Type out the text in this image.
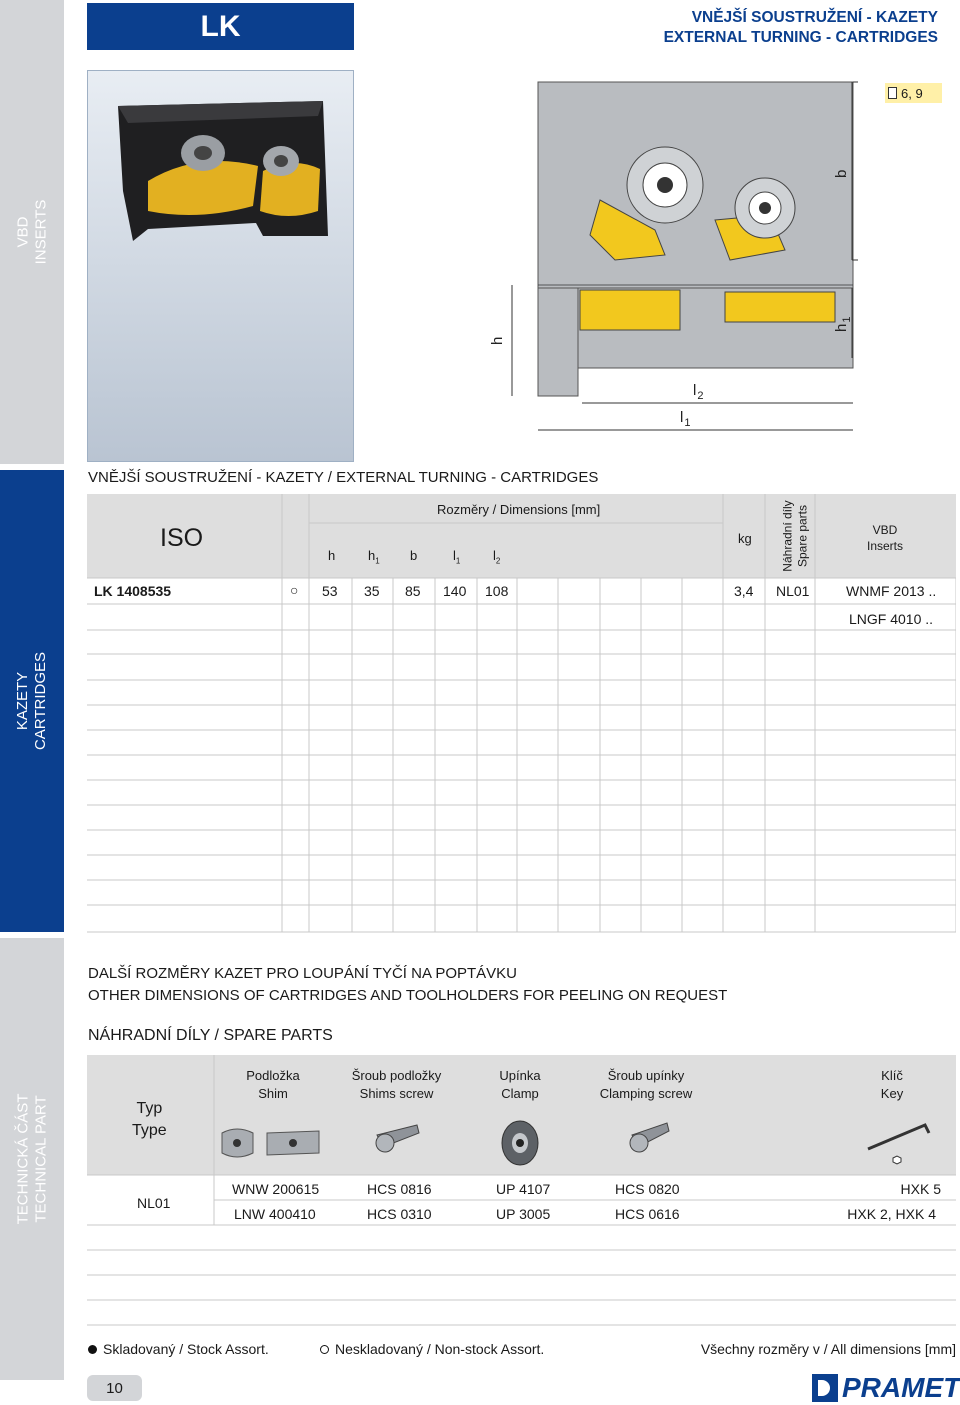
VBD INSERTS
KAZETY CARTRIDGES
TECHNICKÁ ČÁST TECHNICAL PART
LK	VNĚJŠÍ SOUSTRUŽENÍ - KAZETY
EXTERNAL TURNING - CARTRIDGES
b
h
$h_1$
$l_2$
$l_1$
6, 9
VNĚJŠÍ SOUSTRUŽENÍ - KAZETY / EXTERNAL TURNING - CARTRIDGES
ISO
Rozměry / Dimensions [mm]
h	$h_1$ b	$l_1$	$l_2$
kg Náhradní díly Spare parts	VBD
Inserts
LK 1408535	○ 53 35 85 140 108	3,4 NL01	WNMF 2013 ..
LNGF 4010 ..
DALŠÍ ROZMĚRY KAZET PRO LOUPÁNÍ TYČÍ NA POPTÁVKU
OTHER DIMENSIONS OF CARTRIDGES AND TOOLHOLDERS FOR PEELING ON REQUEST
NÁHRADNÍ DÍLY / SPARE PARTS
Typ
Type
Podložka
Shim
Šroub podložky
Shims screw
Upínka
Clamp
Šroub upínky
Clamping screw
Klíč
Key
NL01
WNW 200615	HCS 0816	UP 4107	HCS 0820	HXK 5
LNW 400410	HCS 0310	UP 3005	HCS 0616	HXK 2, HXK 4
Skladovaný / Stock Assort.	Neskladovaný / Non-stock Assort.	Všechny rozměry v / All dimensions [mm]
10	PRAMET
